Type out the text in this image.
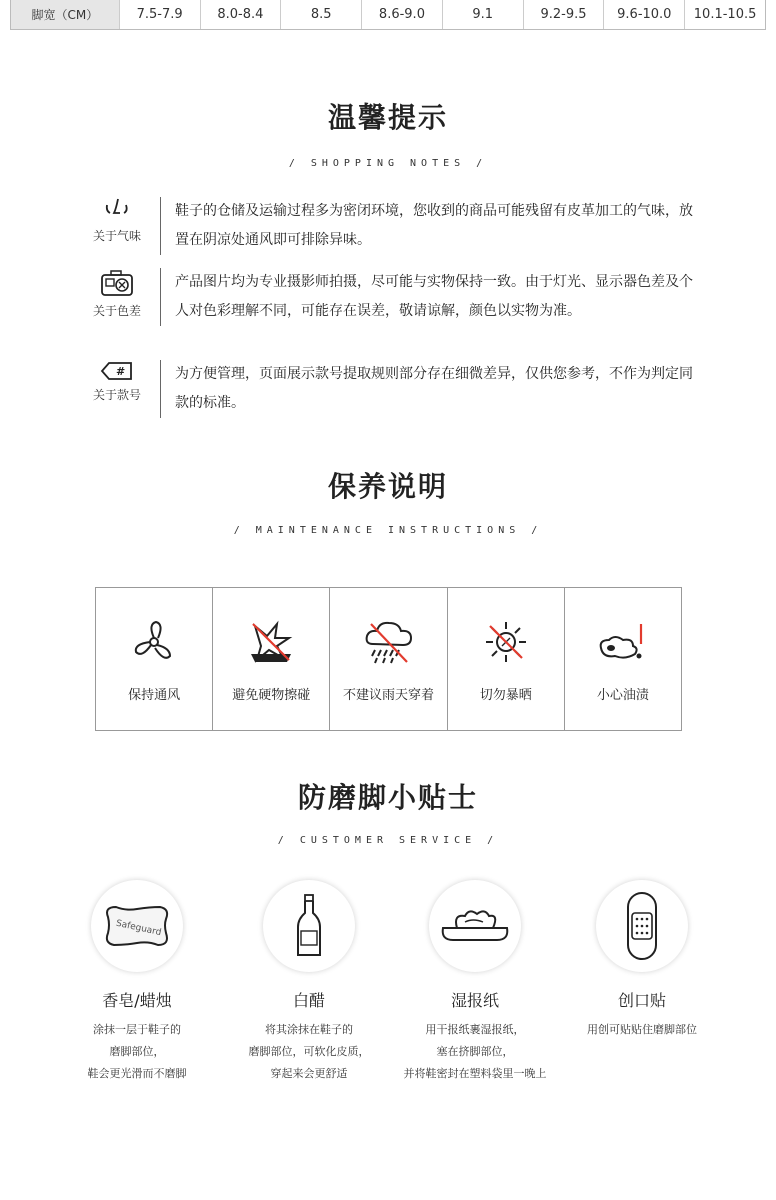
脚宽（CM）	7.5-7.9	8.0-8.4	8.5	8.6-9.0	9.1	9.2-9.5	9.6-10.0	10.1-10.5
温馨提示
/ SHOPPING NOTES /
关于气味
鞋子的仓储及运输过程多为密闭环境，您收到的商品可能残留有皮革加工的气味，放置在阴凉处通风即可排除异味。
关于色差
产品图片均为专业摄影师拍摄，尽可能与实物保持一致。由于灯光、显示器色差及个人对色彩理解不同，可能存在误差，敬请谅解，颜色以实物为准。
#
关于款号
为方便管理，页面展示款号提取规则部分存在细微差异，仅供您参考，不作为判定同款的标准。
保养说明
/ MAINTENANCE INSTRUCTIONS /
保持通风	避免硬物擦碰	不建议雨天穿着	切勿暴晒	小心油渍
防磨脚小贴士
/ CUSTOMER SERVICE /
Safeguard
香皂/蜡烛
涂抹一层于鞋子的
磨脚部位，
鞋会更光滑而不磨脚
白醋
将其涂抹在鞋子的
磨脚部位，可软化皮质，
穿起来会更舒适
湿报纸
用干报纸裹湿报纸，
塞在挤脚部位，
并将鞋密封在塑料袋里一晚上
创口贴
用创可贴贴住磨脚部位
